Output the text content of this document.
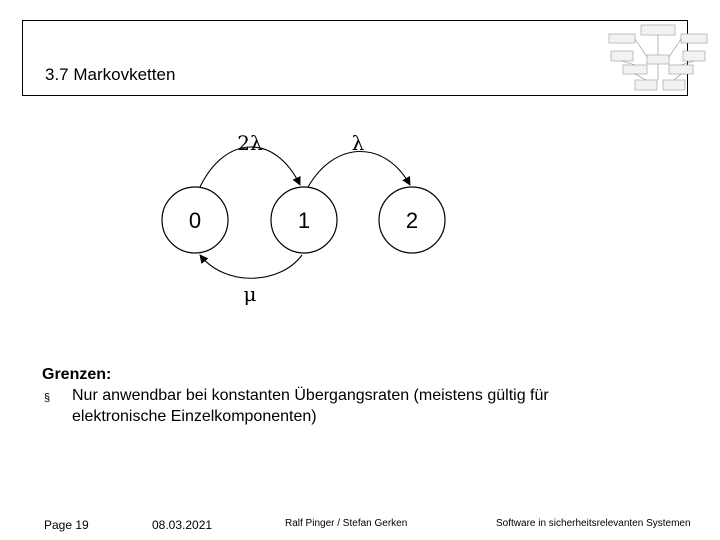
3.7 Markovketten
0	1	2
2λ	λ
μ
Grenzen:
§	Nur anwendbar bei konstanten Übergangsraten (meistens gültig für elektronische Einzelkomponenten)
Page 19	08.03.2021	Ralf Pinger / Stefan Gerken	Software in sicherheitsrelevanten Systemen
